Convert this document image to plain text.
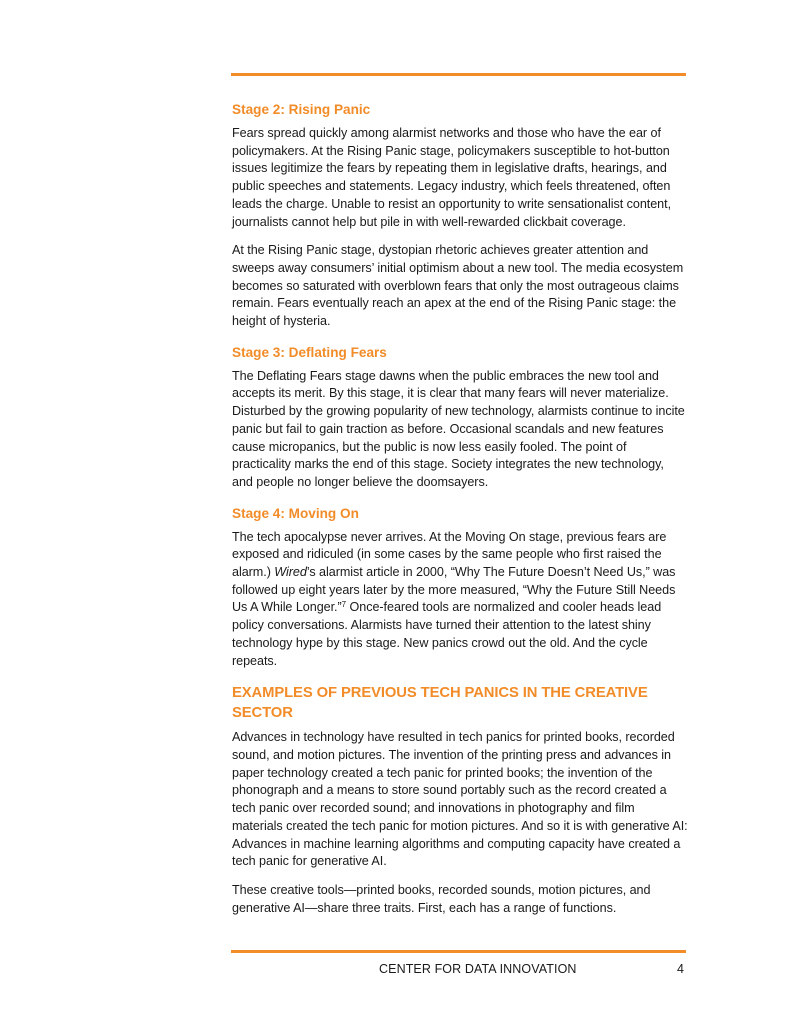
Stage 2: Rising Panic

Fears spread quickly among alarmist networks and those who have the ear of policymakers. At the Rising Panic stage, policymakers susceptible to hot-button issues legitimize the fears by repeating them in legislative drafts, hearings, and public speeches and statements. Legacy industry, which feels threatened, often leads the charge. Unable to resist an opportunity to write sensationalist content, journalists cannot help but pile in with well-rewarded clickbait coverage.

At the Rising Panic stage, dystopian rhetoric achieves greater attention and sweeps away consumers’ initial optimism about a new tool. The media ecosystem becomes so saturated with overblown fears that only the most outrageous claims remain. Fears eventually reach an apex at the end of the Rising Panic stage: the height of hysteria.

Stage 3: Deflating Fears

The Deflating Fears stage dawns when the public embraces the new tool and accepts its merit. By this stage, it is clear that many fears will never materialize. Disturbed by the growing popularity of new technology, alarmists continue to incite panic but fail to gain traction as before. Occasional scandals and new features cause micropanics, but the public is now less easily fooled. The point of practicality marks the end of this stage. Society integrates the new technology, and people no longer believe the doomsayers.

Stage 4: Moving On

The tech apocalypse never arrives. At the Moving On stage, previous fears are exposed and ridiculed (in some cases by the same people who first raised the alarm.) Wired’s alarmist article in 2000, “Why The Future Doesn’t Need Us,” was followed up eight years later by the more measured, “Why the Future Still Needs Us A While Longer.”$^7$ Once-feared tools are normalized and cooler heads lead policy conversations. Alarmists have turned their attention to the latest shiny technology hype by this stage. New panics crowd out the old. And the cycle repeats.

EXAMPLES OF PREVIOUS TECH PANICS IN THE CREATIVE SECTOR

Advances in technology have resulted in tech panics for printed books, recorded sound, and motion pictures. The invention of the printing press and advances in paper technology created a tech panic for printed books; the invention of the phonograph and a means to store sound portably such as the record created a tech panic over recorded sound; and innovations in photography and film materials created the tech panic for motion pictures. And so it is with generative AI: Advances in machine learning algorithms and computing capacity have created a tech panic for generative AI.

These creative tools—printed books, recorded sounds, motion pictures, and generative AI—share three traits. First, each has a range of functions.

CENTER FOR DATA INNOVATION	4
